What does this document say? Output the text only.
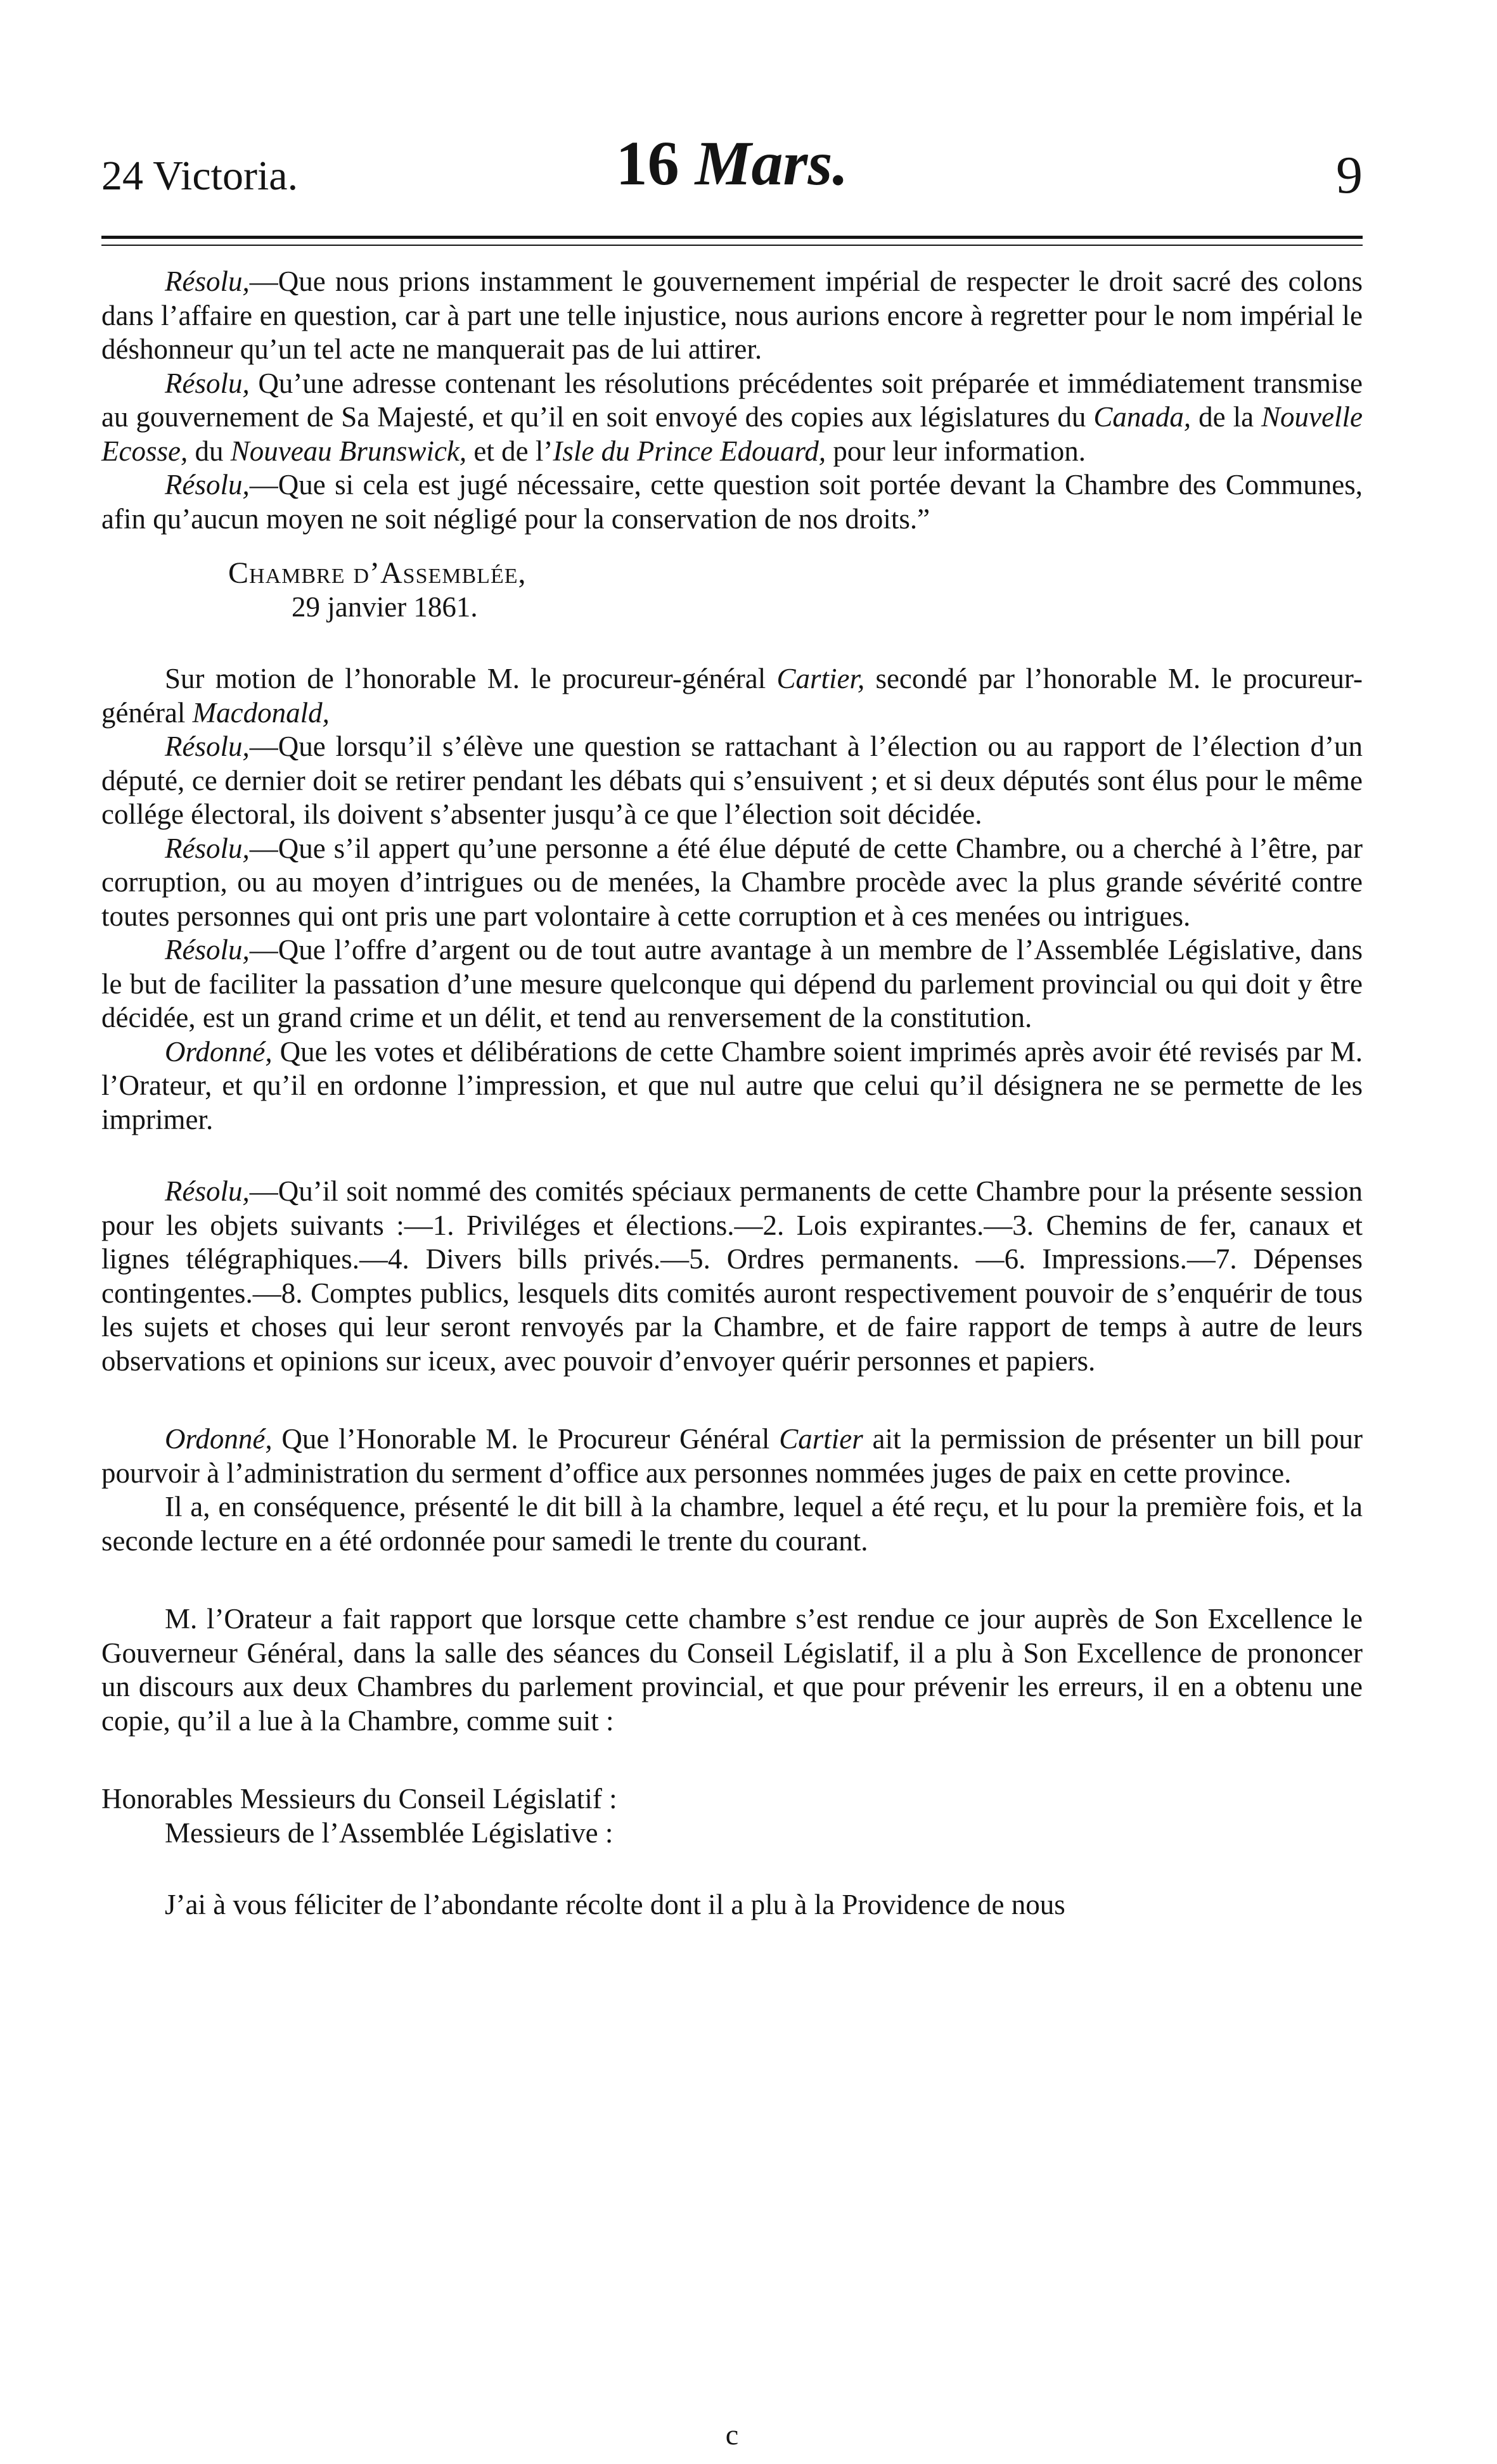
24 Victoria.	16 Mars.	9

Résolu,—Que nous prions instamment le gouvernement impérial de respecter le droit sacré des colons dans l’affaire en question, car à part une telle injustice, nous aurions encore à regretter pour le nom impérial le déshonneur qu’un tel acte ne manquerait pas de lui attirer.

Résolu, Qu’une adresse contenant les résolutions précédentes soit préparée et immédiatement transmise au gouvernement de Sa Majesté, et qu’il en soit envoyé des copies aux législatures du Canada, de la Nouvelle Ecosse, du Nouveau Brunswick, et de l’Isle du Prince Edouard, pour leur information.

Résolu,—Que si cela est jugé nécessaire, cette question soit portée devant la Chambre des Communes, afin qu’aucun moyen ne soit négligé pour la conservation de nos droits.”

Chambre d’Assemblée,
29 janvier 1861.

Sur motion de l’honorable M. le procureur-général Cartier, secondé par l’honorable M. le procureur-général Macdonald,

Résolu,—Que lorsqu’il s’élève une question se rattachant à l’élection ou au rapport de l’élection d’un député, ce dernier doit se retirer pendant les débats qui s’ensuivent ; et si deux députés sont élus pour le même collége électoral, ils doivent s’absenter jusqu’à ce que l’élection soit décidée.

Résolu,—Que s’il appert qu’une personne a été élue député de cette Chambre, ou a cherché à l’être, par corruption, ou au moyen d’intrigues ou de menées, la Chambre procède avec la plus grande sévérité contre toutes personnes qui ont pris une part volontaire à cette corruption et à ces menées ou intrigues.

Résolu,—Que l’offre d’argent ou de tout autre avantage à un membre de l’Assemblée Législative, dans le but de faciliter la passation d’une mesure quelconque qui dépend du parlement provincial ou qui doit y être décidée, est un grand crime et un délit, et tend au renversement de la constitution.

Ordonné, Que les votes et délibérations de cette Chambre soient imprimés après avoir été revisés par M. l’Orateur, et qu’il en ordonne l’impression, et que nul autre que celui qu’il désignera ne se permette de les imprimer.

Résolu,—Qu’il soit nommé des comités spéciaux permanents de cette Chambre pour la présente session pour les objets suivants :—1. Priviléges et élections.—2. Lois expirantes.—3. Chemins de fer, canaux et lignes télégraphiques.—4. Divers bills privés.—5. Ordres permanents. —6. Impressions.—7. Dépenses contingentes.—8. Comptes publics, lesquels dits comités auront respectivement pouvoir de s’enquérir de tous les sujets et choses qui leur seront renvoyés par la Chambre, et de faire rapport de temps à autre de leurs observations et opinions sur iceux, avec pouvoir d’envoyer quérir personnes et papiers.

Ordonné, Que l’Honorable M. le Procureur Général Cartier ait la permission de présenter un bill pour pourvoir à l’administration du serment d’office aux personnes nommées juges de paix en cette province.

Il a, en conséquence, présenté le dit bill à la chambre, lequel a été reçu, et lu pour la première fois, et la seconde lecture en a été ordonnée pour samedi le trente du courant.

M. l’Orateur a fait rapport que lorsque cette chambre s’est rendue ce jour auprès de Son Excellence le Gouverneur Général, dans la salle des séances du Conseil Législatif, il a plu à Son Excellence de prononcer un discours aux deux Chambres du parlement provincial, et que pour prévenir les erreurs, il en a obtenu une copie, qu’il a lue à la Chambre, comme suit :

Honorables Messieurs du Conseil Législatif :
Messieurs de l’Assemblée Législative :

J’ai à vous féliciter de l’abondante récolte dont il a plu à la Providence de nous

c
